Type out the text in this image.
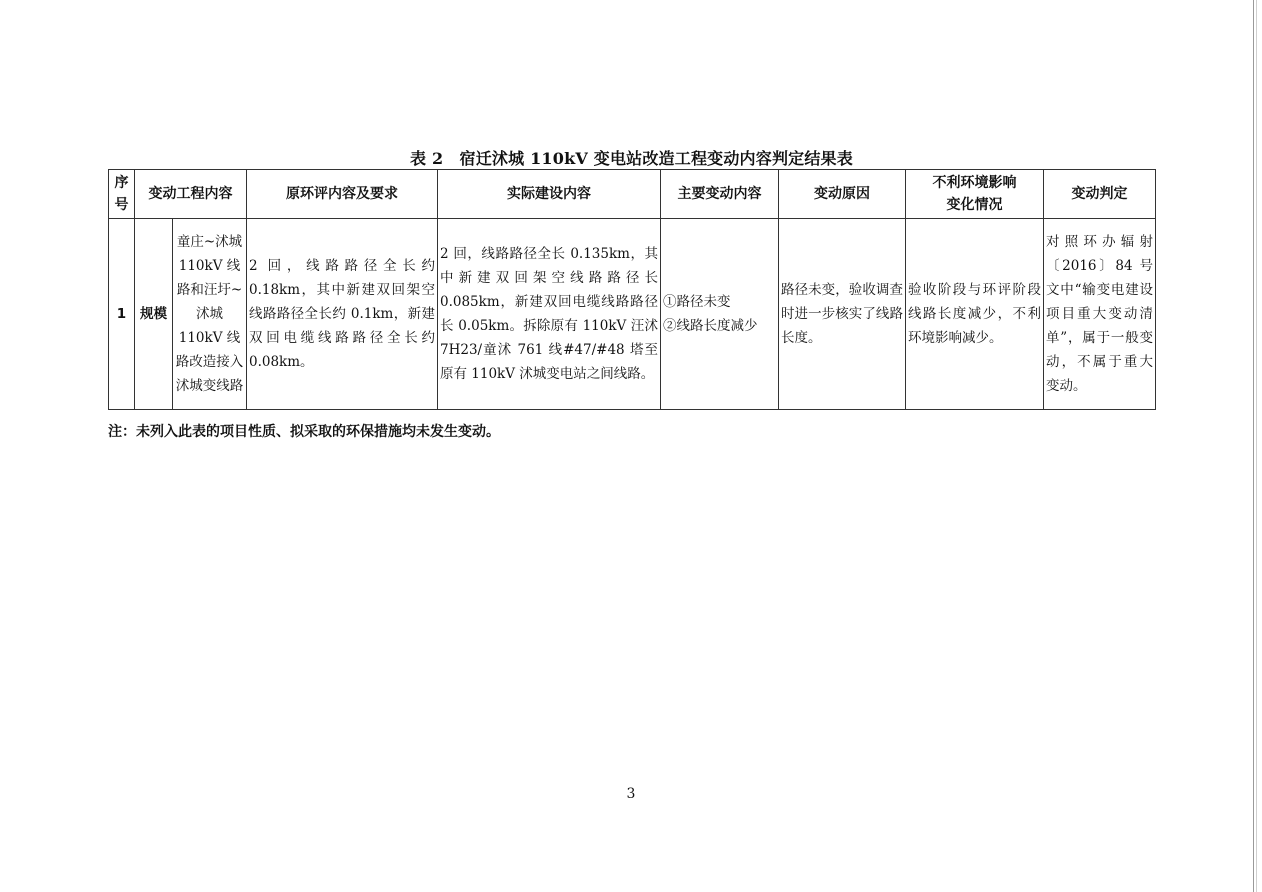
表 2　宿迁沭城 110kV 变电站改造工程变动内容判定结果表
序号	变动工程内容		原环评内容及要求	实际建设内容	主要变动内容	变动原因	不利环境影响
变化情况	变动判定
1	规模	童庄~沭城 110kV 线路和汪圩~沭城 110kV 线路改造接入沭城变线路	2 回，线路路径全长约 0.18km，其中新建双回架空线路路径全长约 0.1km，新建双回电缆线路路径全长约 0.08km。	2 回，线路路径全长 0.135km，其中新建双回架空线路路径长 0.085km，新建双回电缆线路路径长 0.05km。拆除原有 110kV 汪沭 7H23/童沭 761 线#47/#48 塔至原有 110kV 沭城变电站之间线路。	①路径未变
②线路长度减少	路径未变，验收调查时进一步核实了线路长度。	验收阶段与环评阶段线路长度减少，不利环境影响减少。	对照环办辐射〔2016〕84 号文中“输变电建设项目重大变动清单”，属于一般变动，不属于重大变动。
注：未列入此表的项目性质、拟采取的环保措施均未发生变动。
3
